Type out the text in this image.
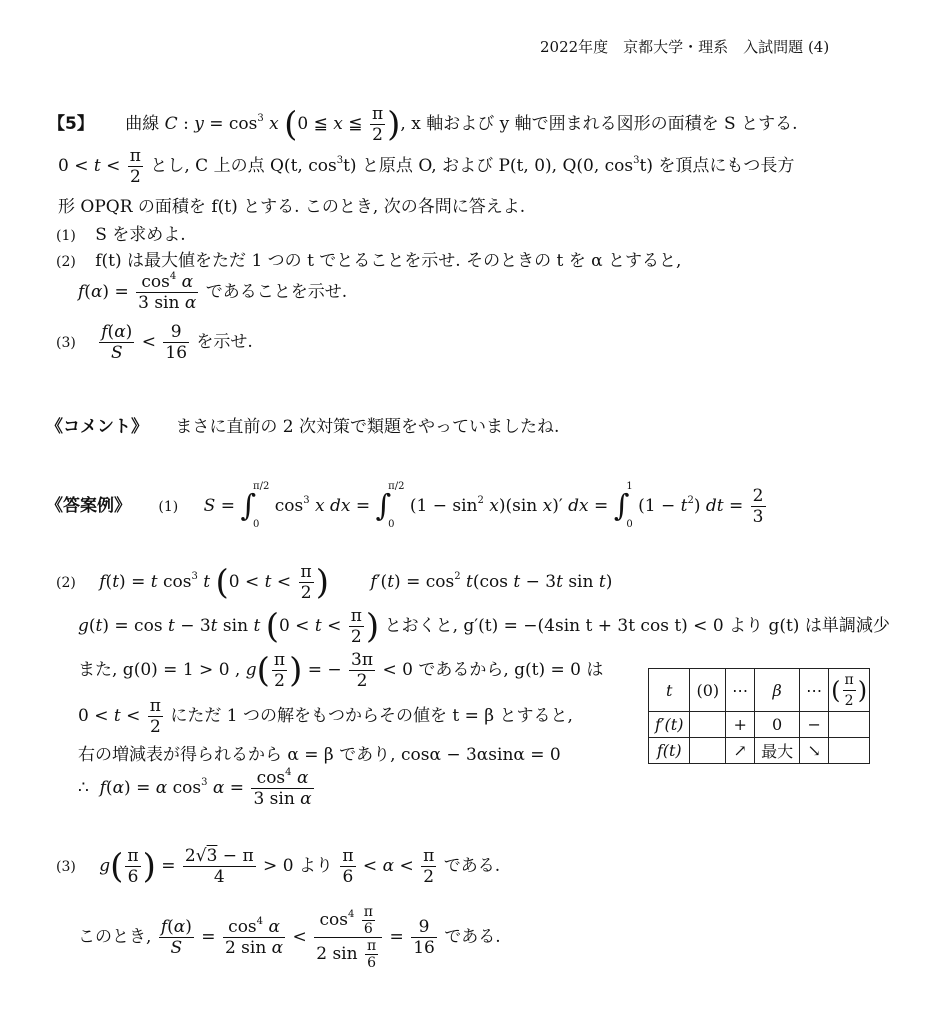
2022年度　京都大学・理系　入試問題 (4)
【5】 曲線 C : $y = \cos^3 x$ (0 ≦ x ≦ $\frac{\pi}{2}$ ), x 軸および y 軸で囲まれる図形の面積を S とする.
$0 < t < \frac{\pi}{2}$ とし, C 上の点 Q(t, $\cos^3t$) と原点 O, および P(t, 0), Q(0, $\cos^3t$) を頂点にもつ長方
形 OPQR の面積を f(t) とする. このとき, 次の各問に答えよ.
(1) S を求めよ.
(2) f(t) は最大値をただ 1 つの t でとることを示せ. そのときの t を α とすると,
$f(\alpha) = \frac{\cos^4 \alpha}{\text{3 sin α}}$ であることを示せ.
$(3) \frac{f(\alpha)}{S} < \frac{9}{16}$ を示せ.
《コメント》 まさに直前の 2 次対策で類題をやっていましたね.
《答案例》 (1) S = ∫
π/2
0
$\cos^3 x$ dx = ∫
π/2
0
$(1 - \sin^2 x)(\sin$ x)′ dx = ∫
1
0
$(1 - t^2)$ dt = $\frac{2}{3}$
(2) f(t) = t $\cos^3 t$ ($0 < t < \frac{\pi}{2}$ ) $f'(t) = \cos^2 t(\cos$ t − 3t sin t)
g(t) = cos t − 3t sin t ($0 < t < \frac{\pi}{2}$ ) とおくと, g′(t) = −(4sin t + 3t cos t) < 0 より g(t) は単調減少
また, g(0) = 1 > 0 , $g( \frac{\pi}{2}$ ) = − $\frac{3\pi}{2} < 0$ であるから, g(t) = 0 は
$0 < t < \frac{\pi}{2}$ にただ 1 つの解をもつからその値を t = β とすると,
右の増減表が得られるから α = β であり, cosα − 3αsinα = 0
∴  f(α) = α $\cos^3 \alpha = \frac{\cos^4 \alpha}{\text{3 sin α}}$
t	(0)	⋯	β	⋯	( $\frac{\pi}{2}$ )
f′(t)		+	0	−	
f(t)		↗	最大	↘	
(3) $g( \frac{\pi}{6}$ ) = $\frac{2√3 - \pi}{4} > 0$ より $\frac{\pi}{6} < \alpha < \frac{\pi}{2}$ である.
このとき, $\frac{f(\alpha)}{S} = \frac{\cos^4 \alpha}{\text{2 sin α}} < \frac{\cos^4 \frac{\pi}{6}}{2 \sin \frac{\pi}{6}} = \frac{9}{16}$ である.
